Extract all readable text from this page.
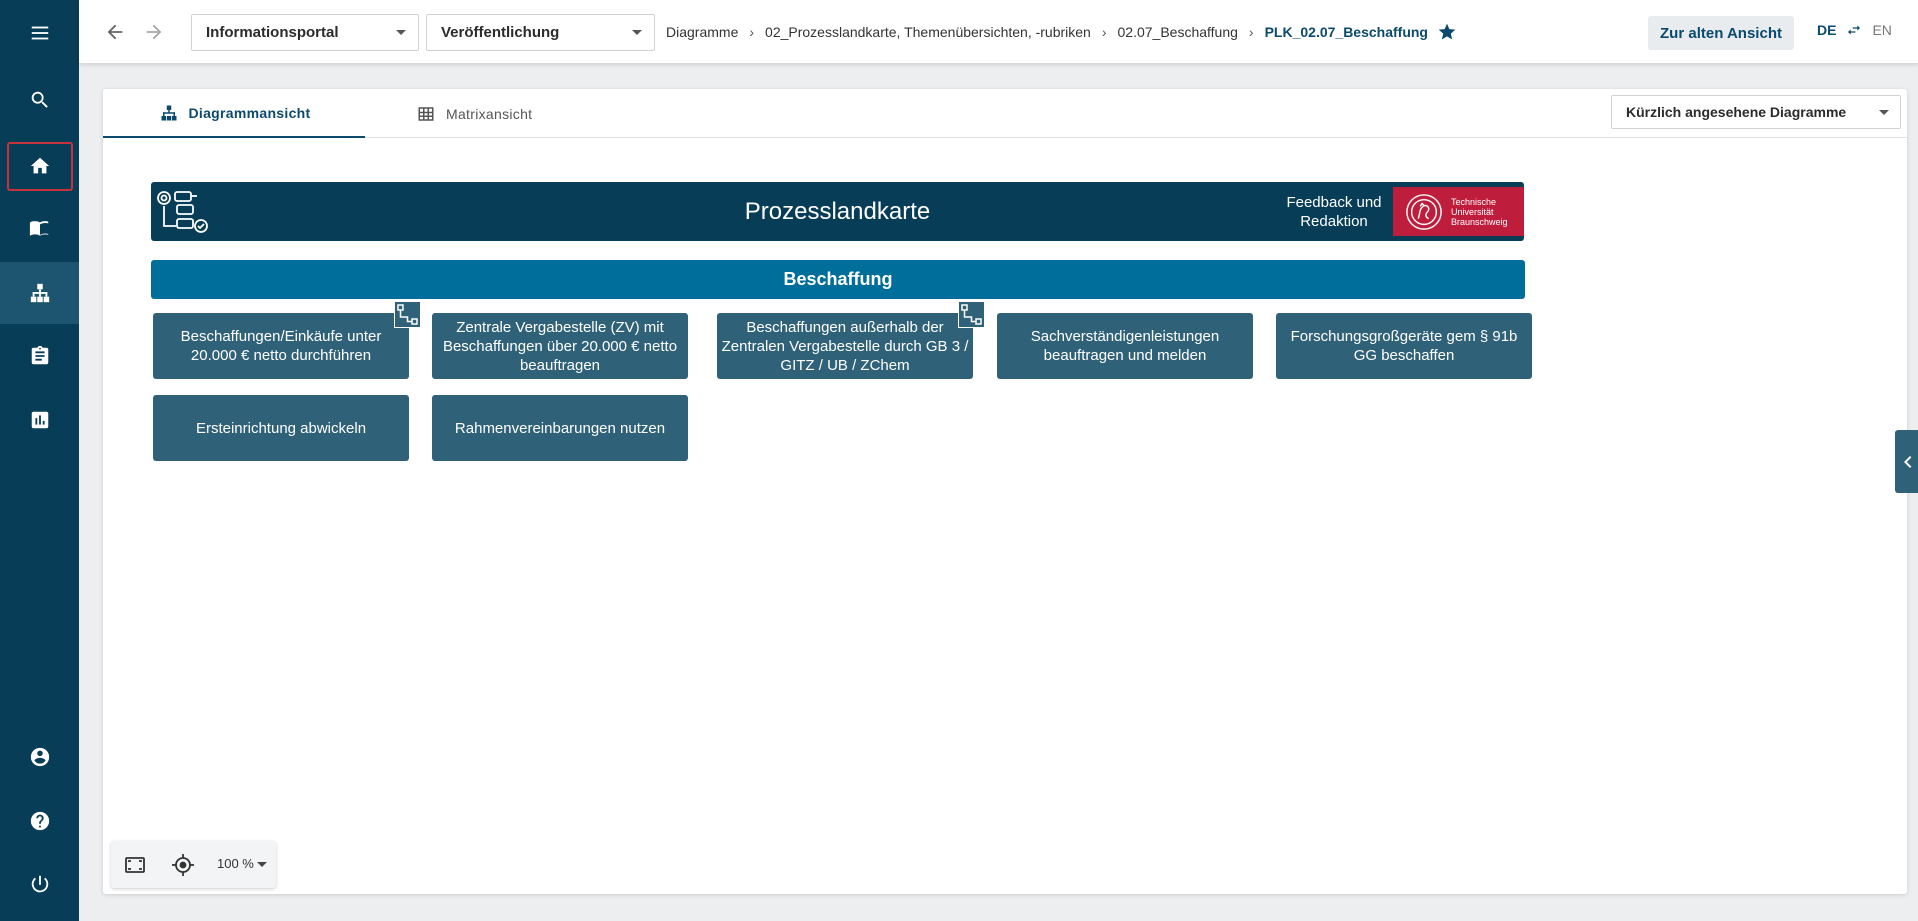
Informationsportal	Veröffentlichung	Diagramme › 02_Prozesslandkarte, Themenübersichten, -rubriken › 02.07_Beschaffung › PLK_02.07_Beschaffung	Zur alten Ansicht	DE	EN
Diagrammansicht	Matrixansicht	Kürzlich angesehene Diagramme
Prozesslandkarte	Feedback und Redaktion
Technische
Universität
Braunschweig
Beschaffung
Beschaffungen/Einkäufe unter 20.000 € netto durchführen
Zentrale Vergabestelle (ZV) mit Beschaffungen über 20.000 € netto beauftragen
Beschaffungen außerhalb der Zentralen Vergabestelle durch GB 3 / GITZ / UB / ZChem
Sachverständigenleistungen beauftragen und melden
Forschungsgroßgeräte gem § 91b GG beschaffen
Ersteinrichtung abwickeln	Rahmenvereinbarungen nutzen
100 %
